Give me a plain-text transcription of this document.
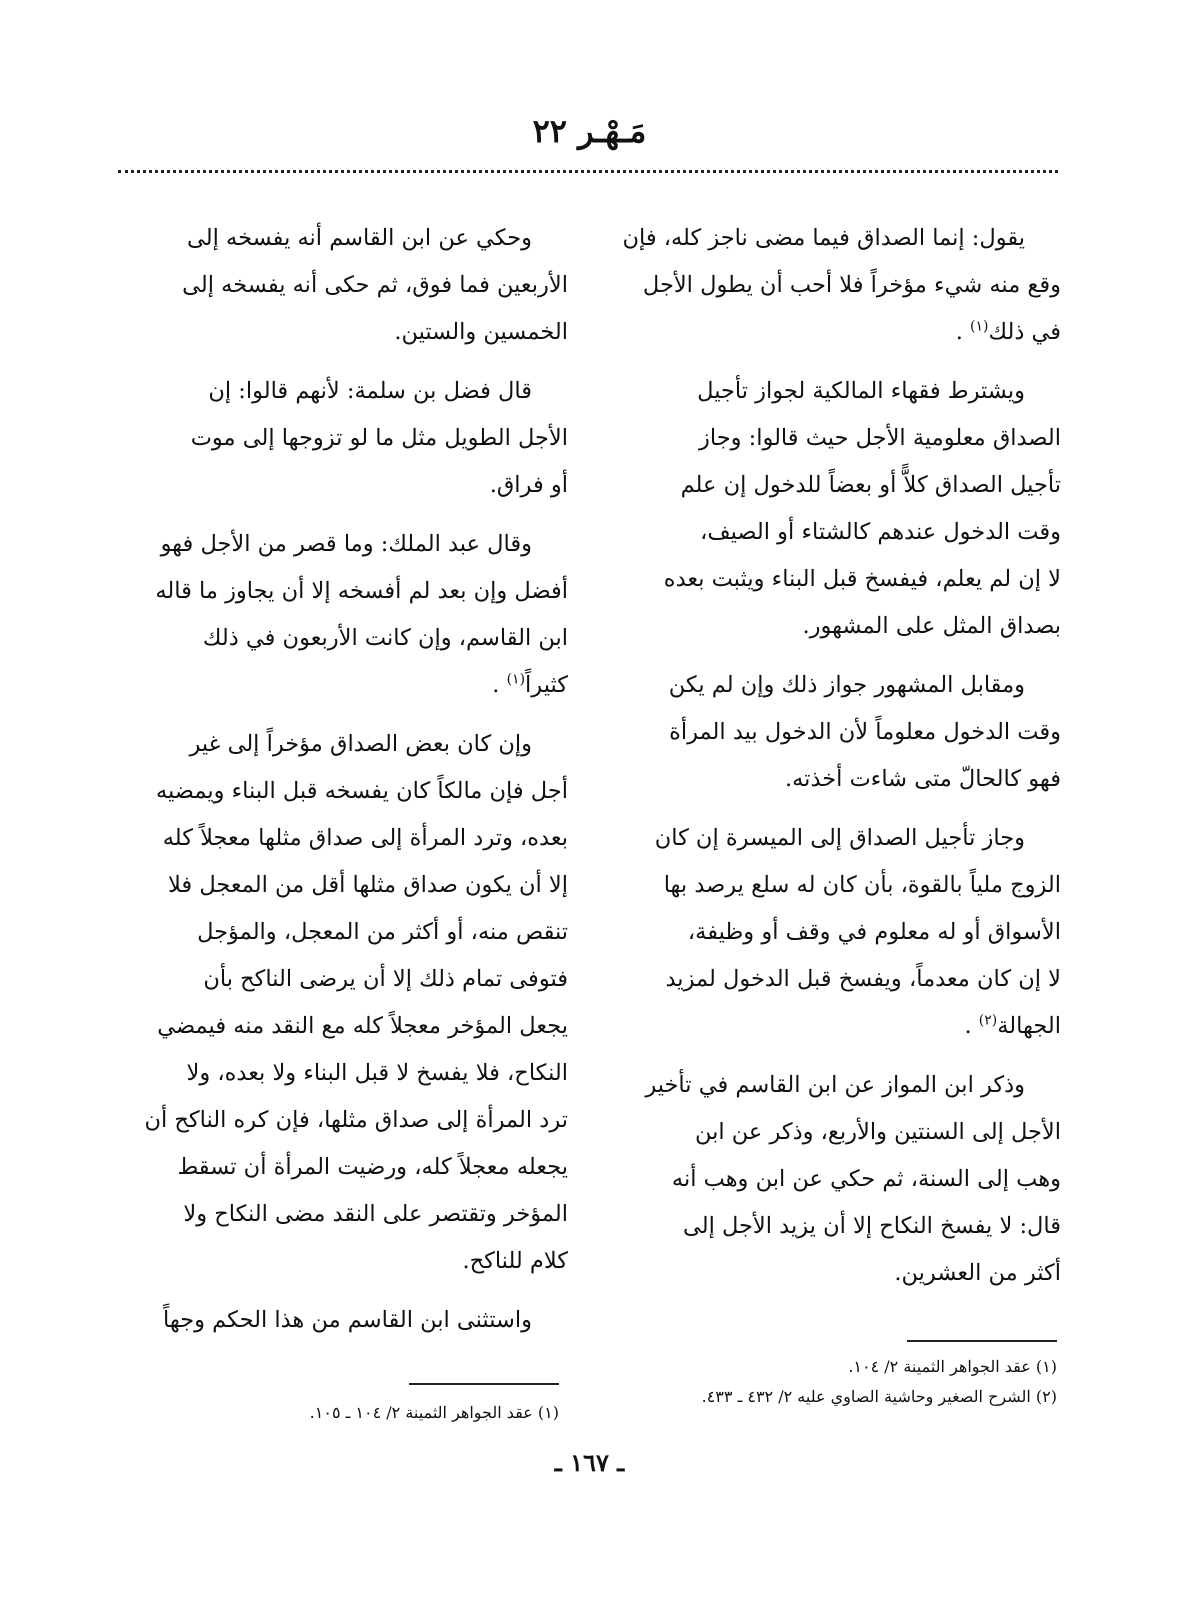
مَـهْـر ٢٢

يقول: إنما الصداق فيما مضى ناجز كله، فإن
وقع منه شيء مؤخراً فلا أحب أن يطول الأجل
في ذلك$^{(١)}$ .

ويشترط فقهاء المالكية لجواز تأجيل
الصداق معلومية الأجل حيث قالوا: وجاز
تأجيل الصداق كلاًّ أو بعضاً للدخول إن علم
وقت الدخول عندهم كالشتاء أو الصيف،
لا إن لم يعلم، فيفسخ قبل البناء ويثبت بعده
بصداق المثل على المشهور.

ومقابل المشهور جواز ذلك وإن لم يكن
وقت الدخول معلوماً لأن الدخول بيد المرأة
فهو كالحالّ متى شاءت أخذته.

وجاز تأجيل الصداق إلى الميسرة إن كان
الزوج ملياً بالقوة، بأن كان له سلع يرصد بها
الأسواق أو له معلوم في وقف أو وظيفة،
لا إن كان معدماً، ويفسخ قبل الدخول لمزيد
الجهالة$^{(٢)}$ .

وذكر ابن المواز عن ابن القاسم في تأخير
الأجل إلى السنتين والأربع، وذكر عن ابن
وهب إلى السنة، ثم حكي عن ابن وهب أنه
قال: لا يفسخ النكاح إلا أن يزيد الأجل إلى
أكثر من العشرين.

وحكي عن ابن القاسم أنه يفسخه إلى
الأربعين فما فوق، ثم حكى أنه يفسخه إلى
الخمسين والستين.

قال فضل بن سلمة: لأنهم قالوا: إن
الأجل الطويل مثل ما لو تزوجها إلى موت
أو فراق.

وقال عبد الملك: وما قصر من الأجل فهو
أفضل وإن بعد لم أفسخه إلا أن يجاوز ما قاله
ابن القاسم، وإن كانت الأربعون في ذلك
كثيراً$^{(١)}$ .

وإن كان بعض الصداق مؤخراً إلى غير
أجل فإن مالكاً كان يفسخه قبل البناء ويمضيه
بعده، وترد المرأة إلى صداق مثلها معجلاً كله
إلا أن يكون صداق مثلها أقل من المعجل فلا
تنقص منه، أو أكثر من المعجل، والمؤجل
فتوفى تمام ذلك إلا أن يرضى الناكح بأن
يجعل المؤخر معجلاً كله مع النقد منه فيمضي
النكاح، فلا يفسخ لا قبل البناء ولا بعده، ولا
ترد المرأة إلى صداق مثلها، فإن كره الناكح أن
يجعله معجلاً كله، ورضيت المرأة أن تسقط
المؤخر وتقتصر على النقد مضى النكاح ولا
كلام للناكح.

واستثنى ابن القاسم من هذا الحكم وجهاً

(١) عقد الجواهر الثمينة ٢/ ١٠٤.

(٢) الشرح الصغير وحاشية الصاوي عليه ٢/ ٤٣٢ ـ ٤٣٣.

(١) عقد الجواهر الثمينة ٢/ ١٠٤ ـ ١٠٥.

ـ ١٦٧ ـ
